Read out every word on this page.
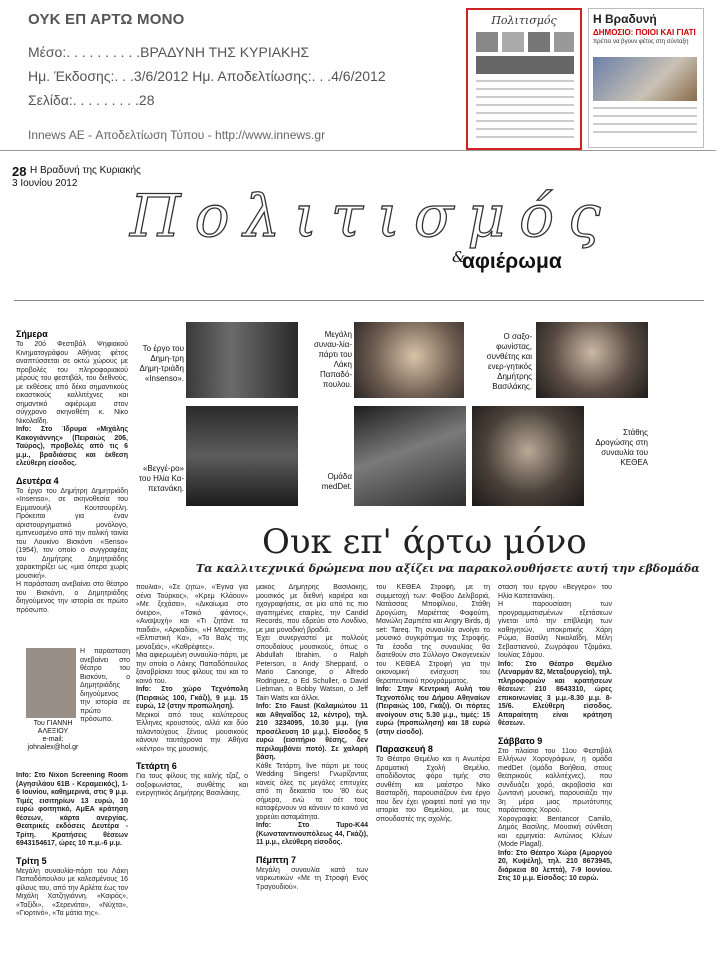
ΟΥΚ ΕΠ ΑΡΤΩ ΜΟΝΟ
Μέσο:. . . . . . . . . .ΒΡΑΔΥΝΗ ΤΗΣ ΚΥΡΙΑΚΗΣ
Ημ. Έκδοσης:. . .3/6/2012 Ημ. Αποδελτίωσης:. . .4/6/2012
Σελίδα:. . . . . . . . .28
Innews AE - Αποδελτίωση Τύπου - http://www.innews.gr
Πολιτισμός	Η Βραδυνή
ΔΗΜΟΣΙΟ: ΠΟΙΟΙ ΚΑΙ ΓΙΑΤΙ
πρέπει να βγουν φέτος στη σύνταξη
28 Η Βραδυνή της Κυριακής
3 Ιουνίου 2012 Πολιτισμός
&
αφιέρωμα
Το έργο του Δημη-τρη Δημη-τριάδη «Insenso».
Μεγάλη συναυ-λία-πάρτι του Λάκη Παπαδό-πουλου.
Ο σαξο-φωνίστας, συνθέτης και ενερ-γητικός Δημήτρης Βασιλάκης.
«Βεγγέ-ρο» του Ηλία Κα-πετανάκη.
Ομάδα medDet.
Στάθης Δρογώσης στη συναυλία του ΚΕΘΕΑ
Ουκ επ' άρτω μόνο
Τα καλλιτεχνικά δρώμενα που αξίζει να παρακολουθήσετε αυτή την εβδομάδα
Σήμερα
Το 20ό Φεστιβάλ Ψηφιακού Κινηματογράφου Αθήνας φέτος αναπτύσσεται σε οκτώ χώρους με προβολές του πληροφοριακού μέρους του φεστιβάλ, του διεθνούς, με εκθέσεις από δέκα σημαντικούς εικαστικούς καλλιτέχνες και σημαντικό αφιέρωμα στον σύγχρονο σκηνοθέτη κ. Νίκο Νικολαΐδη.
Info: Στο Ίδρυμα «Μιχάλης Κακογιάννης» (Πειραιώς 206, Ταύρος), προβολές από τις 6 μ.μ., βραδιάσεις και έκθεση ελεύθερη είσοδος.
Δευτέρα 4
Το έργο του Δημήτρη Δημητριάδη «Insenso», σε σκηνοθεσία του Εμμανουήλ Κουτσουρέλη. Πρόκειται για έναν αριστουργηματικό μονόλογο, εμπνευσμένο από την ιταλική ταινία του Λουκίνο Βισκόντι «Senso» (1954), τον οποίο ο συγγραφέας του Δημήτρης Δημητριάδης χαρακτηρίζει ως «μια όπερα χωρίς μουσική».
Η παράσταση ανεβαίνει στο θέατρο του Βισκόντι, ο Δημητριάδης διηγούμενος την ιστορία σε πρώτο πρόσωπο.
Η παράσταση ανεβαίνει στο θέατρο του Βισκόντι, ο Δημητριάδης διηγούμενος την ιστορία σε πρώτο πρόσωπο.
Του ΓΙΑΝΝΗ ΑΛΕΞΙΟΥ
e-mail: johnalex@hol.gr
Info: Στο Nixon Screening Room (Αγησιλάου 61Β - Κεραμεικός), 1-6 Ιουνίου, καθημερινά, στις 9 μ.μ. Τιμές εισιτηρίων 13 ευρώ, 10 ευρώ φοιτητικό, ΑμΕΑ κράτηση θέσεων, κάρτα ανεργίας. Θεατρικές εκδόσεις Δευτέρα - Τρίτη. Κρατήσεις θέσεων 6943154617, ώρες 10 π.μ.-6 μ.μ.
Τρίτη 5
Μεγάλη συναυλία-πάρτι του Λάκη Παπαδόπουλου με καλεσμένους 16 φίλους του, από την Αρλέτα έως τον Μιχάλη Χατζηγιάννη. «Καιρός», «Ταξίδι», «Σερενάτα», «Νύχτα», «Γιορτινό», «Τα μάτια της».
πουλιά», «Σε ζητώ», «Έγινα για σένα Τούρκος», «Κρεμ Κλάουν» «Με ξεχάσει», «Δικαίωμα στο όνειρο», «Τσικό φάντος», «Αναψυχή» και «Τι ζητάνε τα παιδιά», «Αρκαδία», «Η Μαριέττα», «Ελπιστική Κα», «Το Βαλς της μοναξιάς», «Καθρέφτες».
Μια αφιερωμένη συναυλία-πάρτι, με την οποία ο Λάκης Παπαδόπουλος ξαναβρίσκει τους φίλους του και το κοινό του.
Info: Στο χώρο Τεχνόπολη (Πειραιώς 100, Γκάζι), 9 μ.μ. 15 ευρώ, 12 (στην προπώληση).
Μερικοί από τους καλύτερους Έλληνες κρουστούς, αλλά και δύο ταλαντούχους ξένους μουσικούς κάνουν ταυτόχρονα την Αθήνα «κέντρο» της μουσικής.
Τετάρτη 6
Για τους φίλους της καλής τζαζ, ο σαξοφωνίστας, συνθέτης και ενεργητικός Δημήτρης Βασιλάκης.
μακός Δημήτρης Βασιλάκης, μουσικός με διεθνή καριέρα και ηχογραφήσεις, σε μία από τις πιο αγαπημένες εταιρίες, την Candid Records, που εδρεύει στο Λονδίνο, με μια μοναδική βραδιά.
Έχει συνεργαστεί με πολλούς σπουδαίους μουσικούς, όπως ο Abdullah Ibrahim, ο Ralph Peterson, ο Andy Sheppard, ο Mario Canonge, ο Alfredo Rodriguez, ο Ed Schuller, ο David Liebman, ο Bobby Watson, ο Jeff Tain Watts και άλλοι.
Info: Στο Faust (Καλαμιώτου 11 και Αθηναΐδος 12, κέντρο), τηλ. 210 3234095, 10.30 μ.μ. (για προσέλευση 10 μ.μ.). Είσοδος 5 ευρώ (εισιτήριο θέσης, δεν περιλαμβάνει ποτό). Σε χαλαρή βάση.
Κάθε Τετάρτη, live πάρτι με τους Wedding Singers! Γνωρίζοντας κανείς όλες τις μεγάλες επιτυχίες από τη δεκαετία του '80 έως σήμερα, ενώ τα σέτ τους καταφέρνουν να κάνουν το κοινό να χορεύει ασταμάτητα.
Info: Στο Tupo-K44 (Κωνσταντινουπόλεως 44, Γκάζι), 11 μ.μ., ελεύθερη είσοδος.
Πέμπτη 7
Μεγάλη συναυλία κατά των ναρκωτικών «Με τη Στροφή Ενός Τραγουδιού».
του ΚΕΘΕΑ Στροφή, με τη συμμετοχή των: Φοίβου Δελιβοριά, Νατάσσας Μποφίλιου, Στάθη Δρογώση, Μαριέττας Φαφούτη, Μανώλη Ζαμπέτα και Angry Birds, dj set: Tareq. Τη συναυλία ανοίγει το μουσικό συγκρότημα της Στροφής. Τα έσοδα της συναυλίας θα διατεθούν στο Σύλλογο Οικογενειών του ΚΕΘΕΑ Στροφή για την οικονομική ενίσχυση του θεραπευτικού προγράμματος.
Info: Στην Κεντρική Αυλή του Τεχνοπόλις του Δήμου Αθηναίων (Πειραιώς 100, Γκάζι). Οι πόρτες ανοίγουν στις 5.30 μ.μ., τιμές: 15 ευρώ (προπώληση) και 18 ευρώ (στην είσοδο).
Παρασκευή 8
Το Θέατρο Θεμέλιο και η Ανωτέρα Δραματική Σχολή Θεμέλιο, αποδίδοντας φόρο τιμής στο συνθέτη και μαέστρο Νίκο Βασταρδή, παρουσιάζουν ένα έργο που δεν έχει γραφτεί ποτέ για την ιστορία του Θεμελίου, με τους σπουδαστές της σχολής.
στασή του έργου «Βεγγέρο» του Ηλία Καπετανάκη.
Η παρουσίαση των προγραμματισμένων εξετάσεων γίνεται υπό την επίβλεψη των καθηγητών, υποκριτικής Χάρη Ρώμα, Βασίλη Νικολαΐδη, Μέλη Σεβαστιανού, Ζωγράφου Τζομάκα, Ιουλίας Σάμου.
Info: Στο Θέατρο Θεμέλιο (Λεναρμάν 82, Μεταξουργείο), τηλ. πληροφοριών και κρατήσεων θέσεων: 210 8643310, ώρες επικοινωνίας 3 μ.μ.-8.30 μ.μ. 8-15/6. Ελεύθερη είσοδος. Απαραίτητη είναι κράτηση θέσεων.
Σάββατο 9
Στο πλαίσιο του 11ου Φεστιβάλ Ελλήνων Χορογράφων, η ομάδα medDet (ομάδα Βοήθεια, στους θεατρικούς καλλιτέχνες), που συνδυάζει χορό, ακροβασία και ζωντανή μουσική, παρουσιάζει την 3η μέρα μιας πρωτότυπης παράστασης Χορού.
Χορογραφία: Bentancor Camilo, Δημός Βασίλης. Μουσική σύνθεση και ερμηνεία: Αντώνιος Κλέων (Mode Plagal).
Info: Στο Θέατρο Χώρα (Αμοργού 20, Κυψέλη), τηλ. 210 8673945, διάρκεια 80 λεπτά), 7-9 Ιουνίου. Στις 10 μ.μ. Είσοδος: 10 ευρώ.
